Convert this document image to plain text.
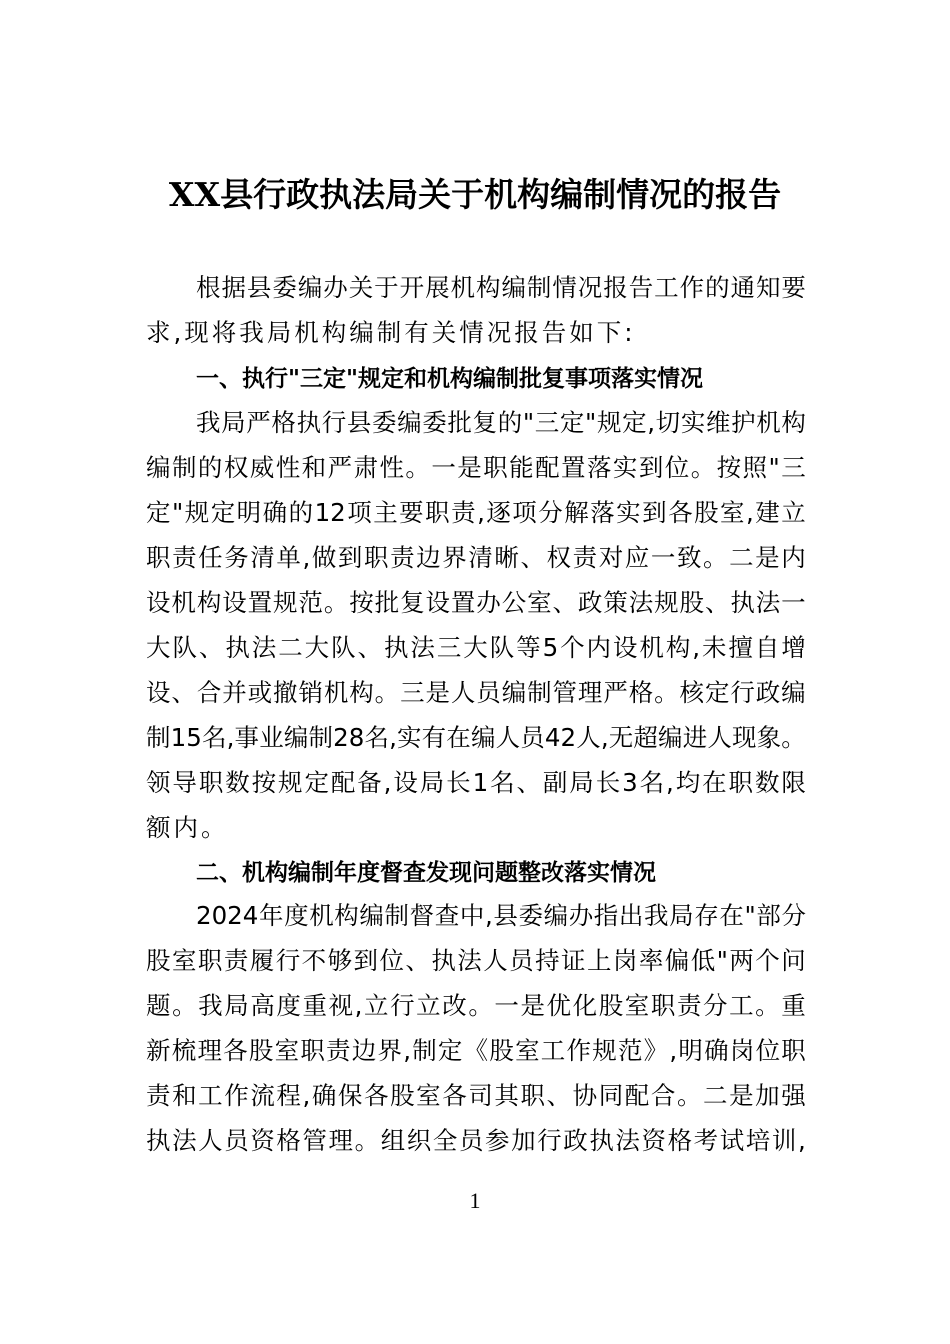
XX县行政执法局关于机构编制情况的报告
根 据 县 委 编 办 关 于 开 展 机 构 编 制 情 况 报 告 工 作 的 通 知 要
求,现将我局机构编制有关情况报告如下:
一、执行"三定"规定和机构编制批复事项落实情况
我 局 严 格 执 行 县 委 编 委 批 复 的 " 三 定 " 规 定 , 切 实 维 护 机 构
编 制 的 权 威 性 和 严 肃 性 。 一 是 职 能 配 置 落 实 到 位 。 按 照 " 三
定 " 规 定 明 确 的 12 项 主 要 职 责 , 逐 项 分 解 落 实 到 各 股 室 , 建 立
职 责 任 务 清 单 , 做 到 职 责 边 界 清 晰 、 权 责 对 应 一 致 。 二 是 内
设 机 构 设 置 规 范 。 按 批 复 设 置 办 公 室 、 政 策 法 规 股 、 执 法 一
大 队 、 执 法 二 大 队 、 执 法 三 大 队 等 5 个 内 设 机 构 , 未 擅 自 增
设 、 合 并 或 撤 销 机 构 。 三 是 人 员 编 制 管 理 严 格 。 核 定 行 政 编
制 15 名 , 事 业 编 制 28 名 , 实 有 在 编 人 员 42 人 , 无 超 编 进 人 现 象 。
领 导 职 数 按 规 定 配 备 , 设 局 长 1 名 、 副 局 长 3 名 , 均 在 职 数 限
额内。
二、机构编制年度督查发现问题整改落实情况
2024 年 度 机 构 编 制 督 查 中 , 县 委 编 办 指 出 我 局 存 在 " 部 分
股 室 职 责 履 行 不 够 到 位 、 执 法 人 员 持 证 上 岗 率 偏 低 " 两 个 问
题 。 我 局 高 度 重 视 , 立 行 立 改 。 一 是 优 化 股 室 职 责 分 工 。 重
新 梳 理 各 股 室 职 责 边 界 , 制 定 《 股 室 工 作 规 范 》 , 明 确 岗 位 职
责 和 工 作 流 程 , 确 保 各 股 室 各 司 其 职 、 协 同 配 合 。 二 是 加 强
执 法 人 员 资 格 管 理 。 组 织 全 员 参 加 行 政 执 法 资 格 考 试 培 训 ,
1
